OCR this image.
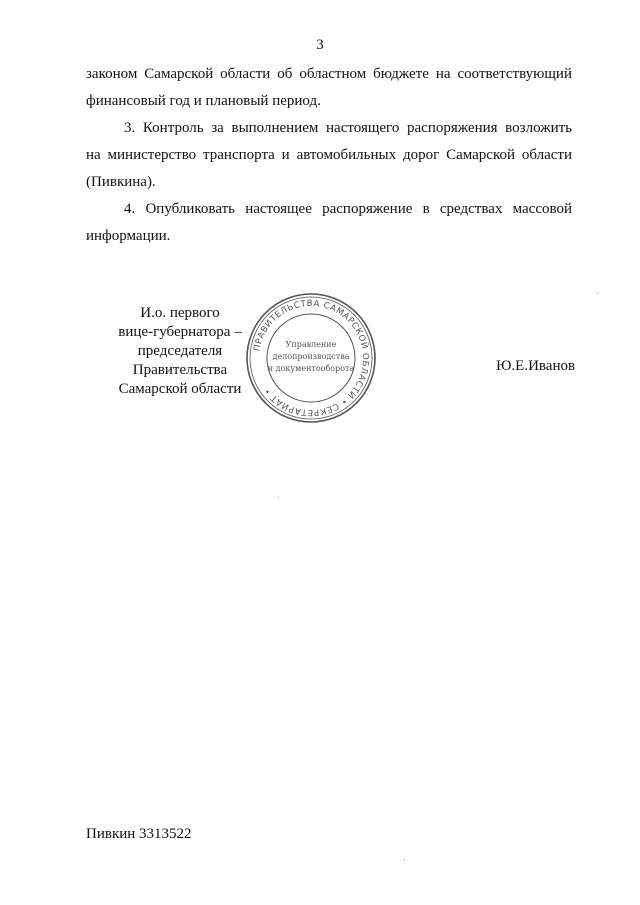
3
законом Самарской области об областном бюджете на соответствующий
финансовый год и плановый период.
3. Контроль за выполнением настоящего распоряжения возложить
на министерство транспорта и автомобильных дорог Самарской области
(Пивкина).
4. Опубликовать настоящее распоряжение в средствах массовой
информации.
И.о. первого
вице-губернатора –
председателя Правительства
Самарской области
ПРАВИТЕЛЬСТВА САМАРСКОЙ ОБЛАСТИ • СЕКРЕТАРИАТ •
Управление
делопроизводства
и документооборота	Ю.Е.Иванов
Пивкин 3313522
